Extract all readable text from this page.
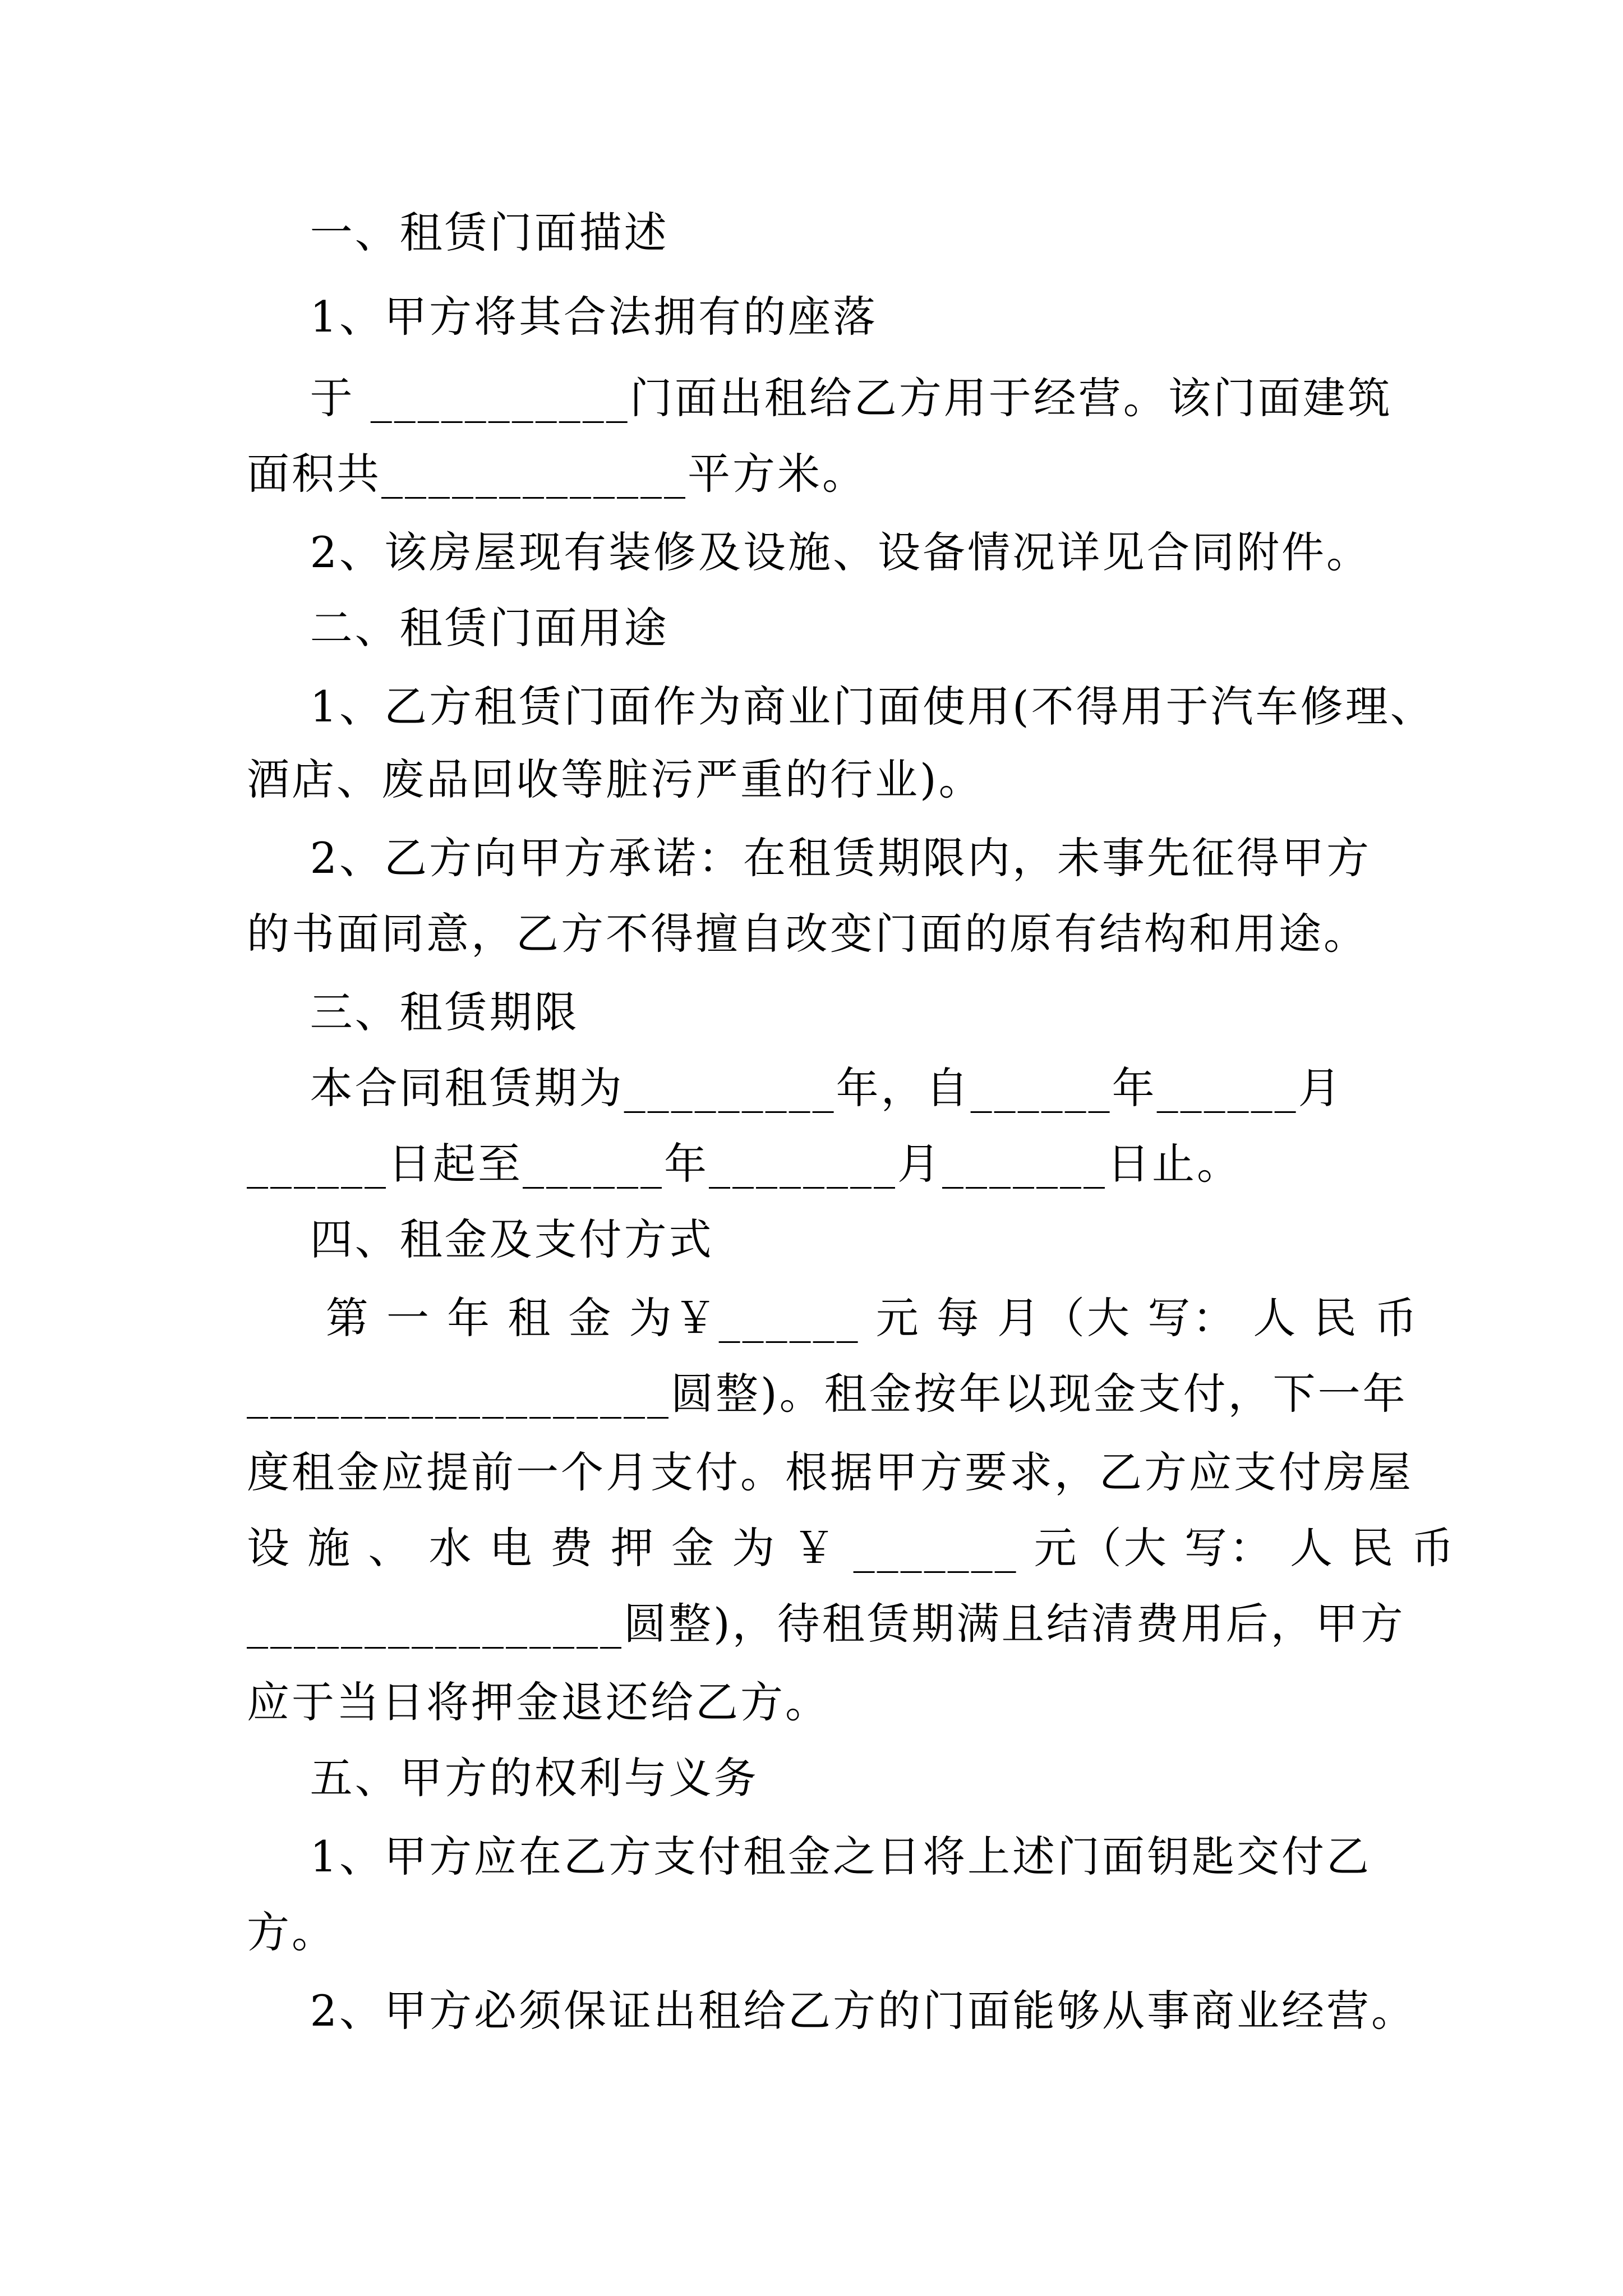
一、租赁门面描述
1、甲方将其合法拥有的座落
于 ___________门面出租给乙方用于经营。该门面建筑
面积共_____________平方米。
2、该房屋现有装修及设施、设备情况详见合同附件。
二、租赁门面用途
1、乙方租赁门面作为商业门面使用(不得用于汽车修理、
酒店、废品回收等脏污严重的行业)。
2、乙方向甲方承诺：在租赁期限内，未事先征得甲方
的书面同意，乙方不得擅自改变门面的原有结构和用途。
三、租赁期限
本合同租赁期为_________年，自______年______月
______日起至______年________月_______日止。
四、租金及支付方式
第 一 年 租 金 为￥______ 元 每 月（大 写： 人 民 币
__________________圆整)。租金按年以现金支付，下一年
度租金应提前一个月支付。根据甲方要求，乙方应支付房屋
设 施 、 水 电 费 押 金 为 ￥ _______ 元（大 写： 人 民 币
________________圆整)，待租赁期满且结清费用后，甲方
应于当日将押金退还给乙方。
五、甲方的权利与义务
1、甲方应在乙方支付租金之日将上述门面钥匙交付乙
方。
2、甲方必须保证出租给乙方的门面能够从事商业经营。
